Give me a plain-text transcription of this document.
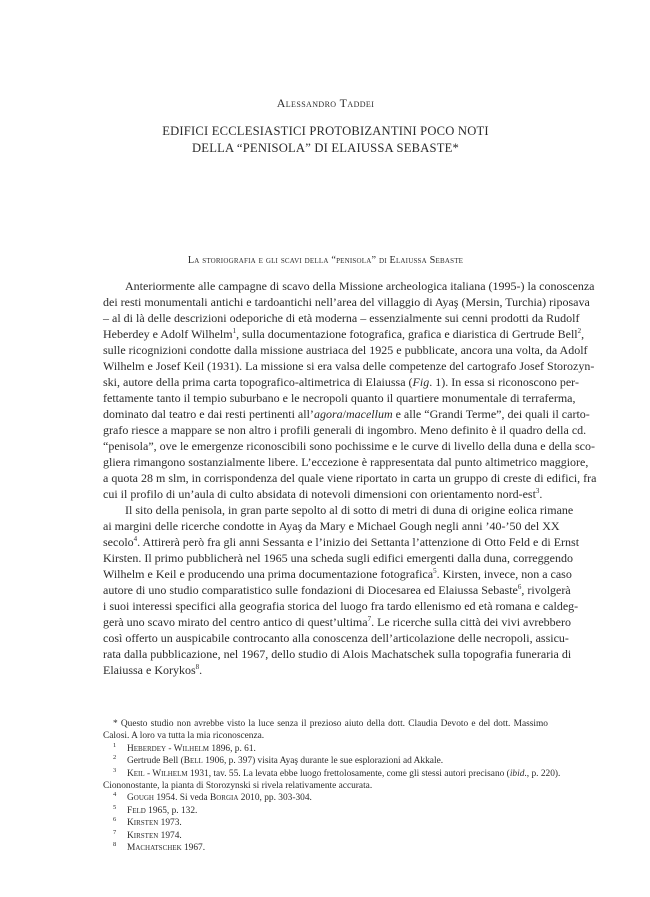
Alessandro Taddei
EDIFICI ECCLESIASTICI PROTOBIZANTINI POCO NOTI
DELLA “PENISOLA” DI ELAIUSSA SEBASTE*
La storiografia e gli scavi della “penisola” di Elaiussa Sebaste

Anteriormente alle campagne di scavo della Missione archeologica italiana (1995-) la conoscenza
dei resti monumentali antichi e tardoantichi nell’area del villaggio di Ayaş (Mersin, Turchia) riposava
– al di là delle descrizioni odeporiche di età moderna – essenzialmente sui cenni prodotti da Rudolf
Heberdey e Adolf Wilhelm$^1$, sulla documentazione fotografica, grafica e diaristica di Gertrude Bell$^2$,
sulle ricognizioni condotte dalla missione austriaca del 1925 e pubblicate, ancora una volta, da Adolf
Wilhelm e Josef Keil (1931). La missione si era valsa delle competenze del cartografo Josef Storozyn-
ski, autore della prima carta topografico-altimetrica di Elaiussa (Fig. 1). In essa si riconoscono per-
fettamente tanto il tempio suburbano e le necropoli quanto il quartiere monumentale di terraferma,
dominato dal teatro e dai resti pertinenti all’agora/macellum e alle “Grandi Terme”, dei quali il carto-
grafo riesce a mappare se non altro i profili generali di ingombro. Meno definito è il quadro della cd.
“penisola”, ove le emergenze riconoscibili sono pochissime e le curve di livello della duna e della sco-
gliera rimangono sostanzialmente libere. L’eccezione è rappresentata dal punto altimetrico maggiore,
a quota 28 m slm, in corrispondenza del quale viene riportato in carta un gruppo di creste di edifici, fra
cui il profilo di un’aula di culto absidata di notevoli dimensioni con orientamento nord-est$^3$.

Il sito della penisola, in gran parte sepolto al di sotto di metri di duna di origine eolica rimane
ai margini delle ricerche condotte in Ayaş da Mary e Michael Gough negli anni ’40-’50 del XX
secolo$^4$. Attirerà però fra gli anni Sessanta e l’inizio dei Settanta l’attenzione di Otto Feld e di Ernst
Kirsten. Il primo pubblicherà nel 1965 una scheda sugli edifici emergenti dalla duna, correggendo
Wilhelm e Keil e producendo una prima documentazione fotografica$^5$. Kirsten, invece, non a caso
autore di uno studio comparatistico sulle fondazioni di Diocesarea ed Elaiussa Sebaste$^6$, rivolgerà
i suoi interessi specifici alla geografia storica del luogo fra tardo ellenismo ed età romana e caldeg-
gerà uno scavo mirato del centro antico di quest’ultima$^7$. Le ricerche sulla città dei vivi avrebbero
così offerto un auspicabile controcanto alla conoscenza dell’articolazione delle necropoli, assicu-
rata dalla pubblicazione, nel 1967, dello studio di Alois Machatschek sulla topografia funeraria di
Elaiussa e Korykos$^8$.

* Questo studio non avrebbe visto la luce senza il prezioso aiuto della dott. Claudia Devoto e del dott. Massimo
Calosi. A loro va tutta la mia riconoscenza.
1 Heberdey - Wilhelm 1896, p. 61.
2 Gertrude Bell (Bell 1906, p. 397) visita Ayaş durante le sue esplorazioni ad Akkale.
3 Keil - Wilhelm 1931, tav. 55. La levata ebbe luogo frettolosamente, come gli stessi autori precisano (ibid., p. 220).
Ciononostante, la pianta di Storozynski si rivela relativamente accurata.
4 Gough 1954. Si veda Borgia 2010, pp. 303-304.
5 Feld 1965, p. 132.
6 Kirsten 1973.
7 Kirsten 1974.
8 Machatschek 1967.
